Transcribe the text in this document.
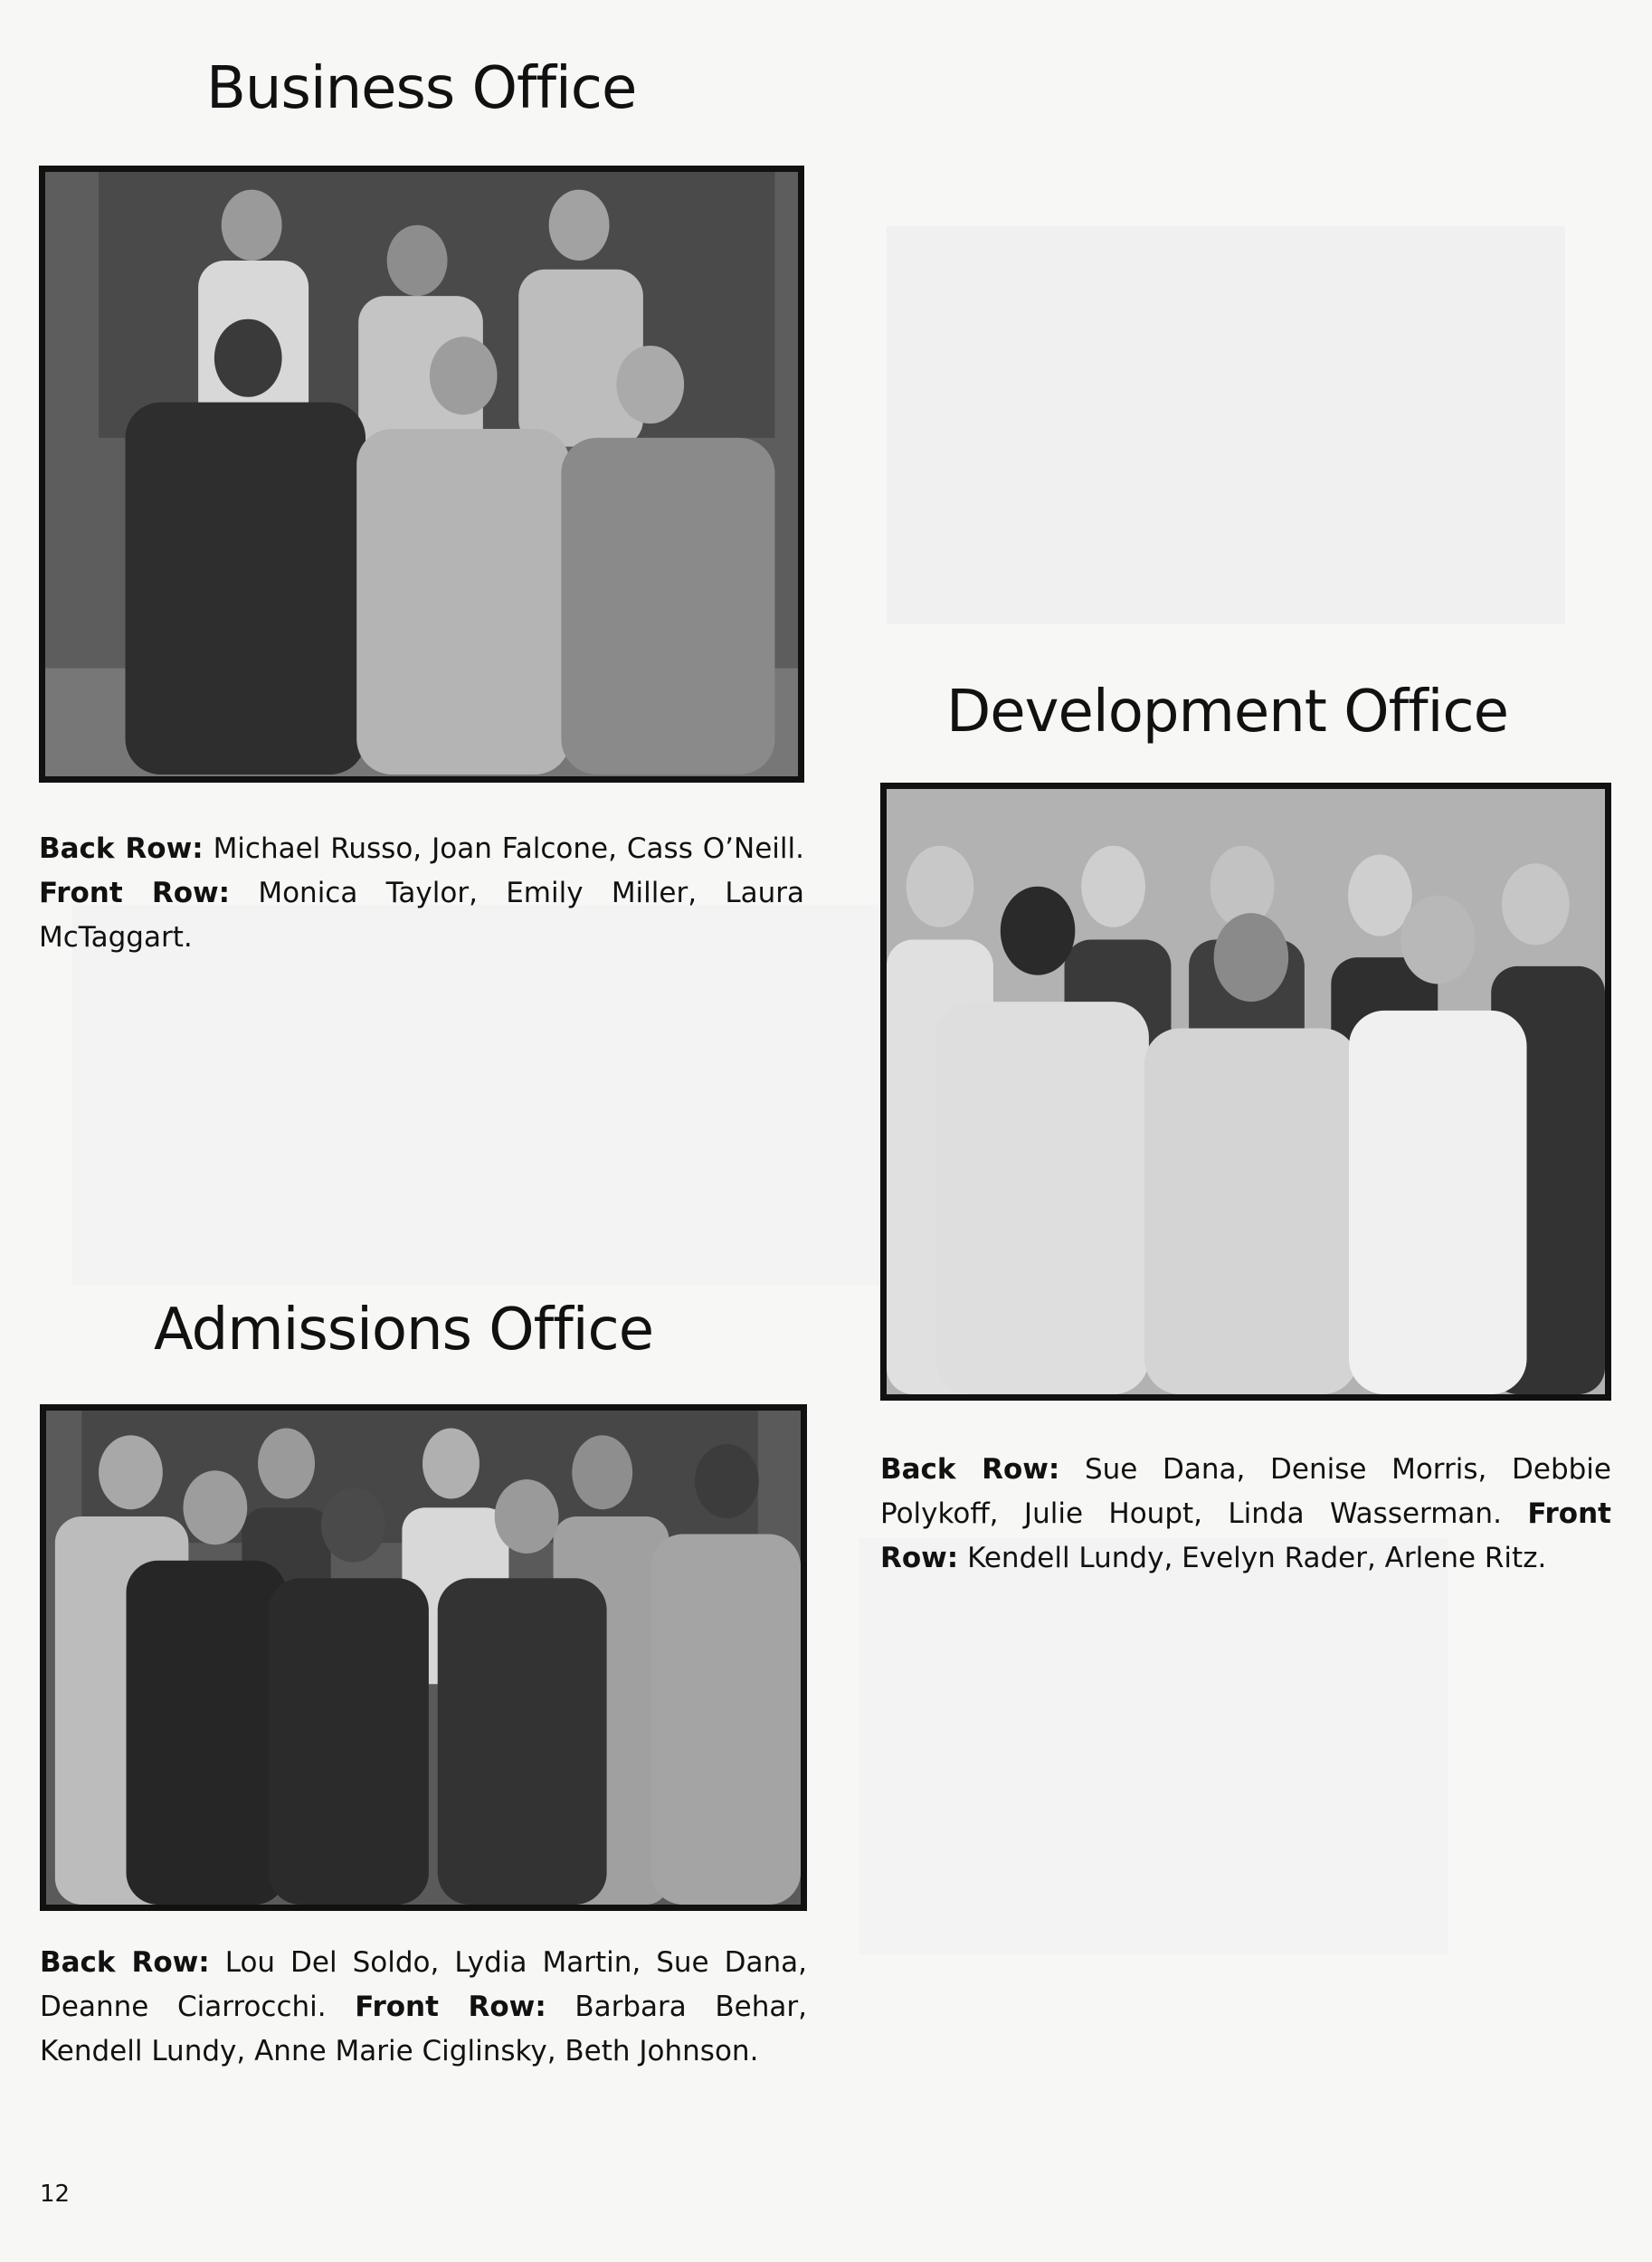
Business Office

Back Row: Michael Russo, Joan Falcone, Cass O’Neill. Front Row: Monica Taylor, Emily Miller, Laura McTaggart.

Development Office

Back Row: Sue Dana, Denise Morris, Debbie Polykoff, Julie Houpt, Linda Wasserman. Front Row: Kendell Lundy, Evelyn Rader, Arlene Ritz.

Admissions Office

Back Row: Lou Del Soldo, Lydia Martin, Sue Dana, Deanne Ciarrocchi. Front Row: Barbara Behar, Kendell Lundy, Anne Marie Ciglinsky, Beth Johnson.

12
